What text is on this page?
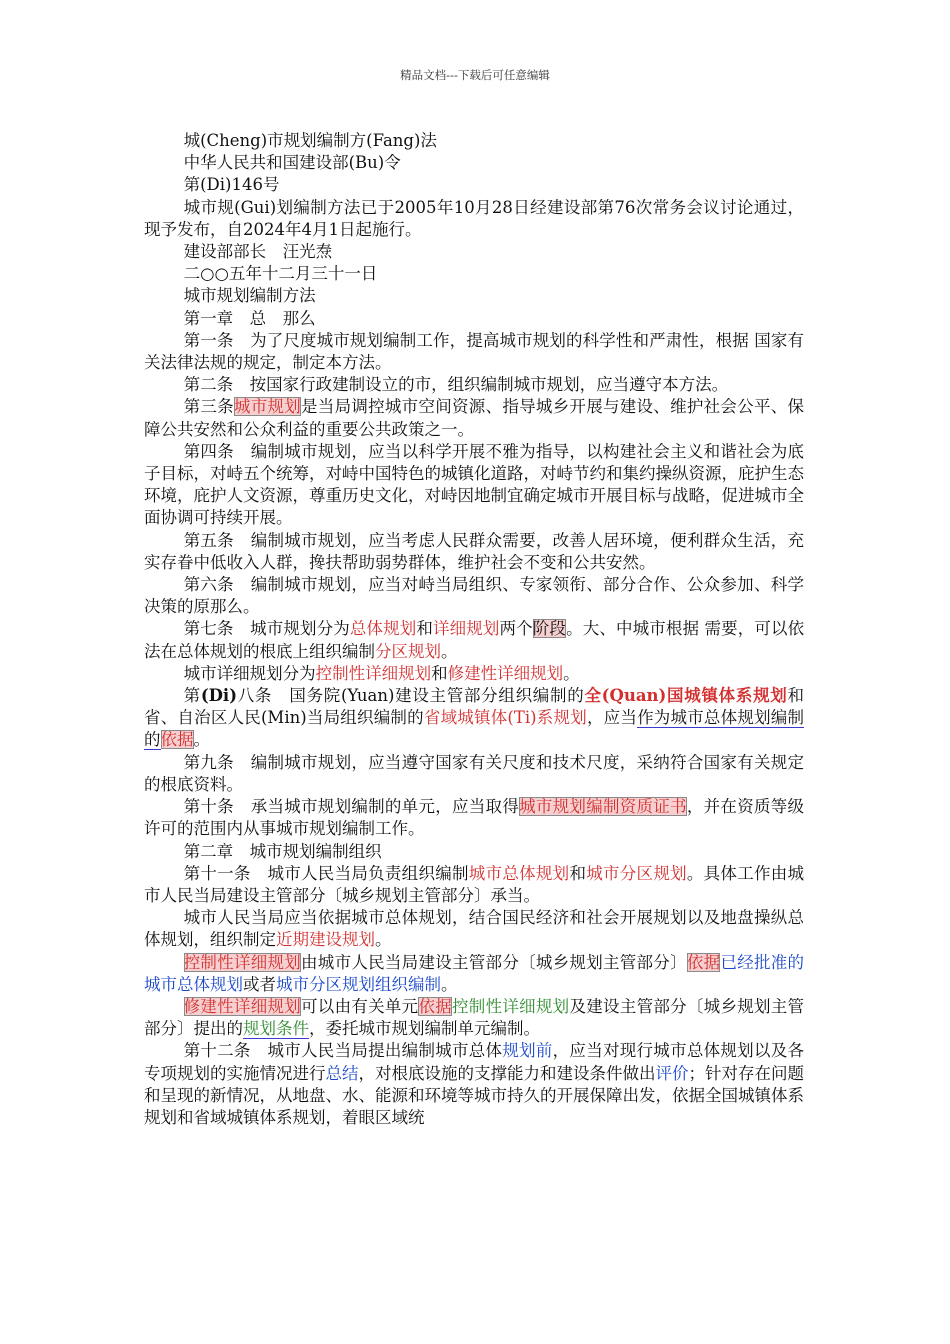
精品文档---下载后可任意编辑

城(Cheng)市规划编制方(Fang)法

中华人民共和国建设部(Bu)令

第(Di)146号

城市规(Gui)划编制方法已于2005年10月28日经建设部第76次常务会议讨论通过，现予发布，自2024年4月1日起施行。

建设部部长　汪光焘

二○○五年十二月三十一日

城市规划编制方法

第一章　总　那么

第一条　为了尺度城市规划编制工作，提高城市规划的科学性和严肃性，根据 国家有关法律法规的规定，制定本方法。

第二条　按国家行政建制设立的市，组织编制城市规划，应当遵守本方法。

第三条城市规划是当局调控城市空间资源、指导城乡开展与建设、维护社会公平、保障公共安然和公众利益的重要公共政策之一。

第四条　编制城市规划，应当以科学开展不雅为指导，以构建社会主义和谐社会为底子目标，对峙五个统筹，对峙中国特色的城镇化道路，对峙节约和集约操纵资源，庇护生态环境，庇护人文资源，尊重历史文化，对峙因地制宜确定城市开展目标与战略，促进城市全面协调可持续开展。

第五条　编制城市规划，应当考虑人民群众需要，改善人居环境，便利群众生活，充实存眷中低收入人群，搀扶帮助弱势群体，维护社会不变和公共安然。

第六条　编制城市规划，应当对峙当局组织、专家领衔、部分合作、公众参加、科学决策的原那么。

第七条　城市规划分为总体规划和详细规划两个阶段。大、中城市根据 需要，可以依法在总体规划的根底上组织编制分区规划。

城市详细规划分为控制性详细规划和修建性详细规划。

第(Di)八条　国务院(Yuan)建设主管部分组织编制的全(Quan)国城镇体系规划和省、自治区人民(Min)当局组织编制的省域城镇体(Ti)系规划，应当作为城市总体规划编制的依据。

第九条　编制城市规划，应当遵守国家有关尺度和技术尺度，采纳符合国家有关规定的根底资料。

第十条　承当城市规划编制的单元，应当取得城市规划编制资质证书，并在资质等级许可的范围内从事城市规划编制工作。

第二章　城市规划编制组织

第十一条　城市人民当局负责组织编制城市总体规划和城市分区规划。具体工作由城市人民当局建设主管部分〔城乡规划主管部分〕承当。

城市人民当局应当依据城市总体规划，结合国民经济和社会开展规划以及地盘操纵总体规划，组织制定近期建设规划。

控制性详细规划由城市人民当局建设主管部分〔城乡规划主管部分〕依据已经批准的城市总体规划或者城市分区规划组织编制。

修建性详细规划可以由有关单元依据控制性详细规划及建设主管部分〔城乡规划主管部分〕提出的规划条件，委托城市规划编制单元编制。

第十二条　城市人民当局提出编制城市总体规划前，应当对现行城市总体规划以及各专项规划的实施情况进行总结，对根底设施的支撑能力和建设条件做出评价；针对存在问题和呈现的新情况，从地盘、水、能源和环境等城市持久的开展保障出发，依据全国城镇体系规划和省域城镇体系规划，着眼区域统
